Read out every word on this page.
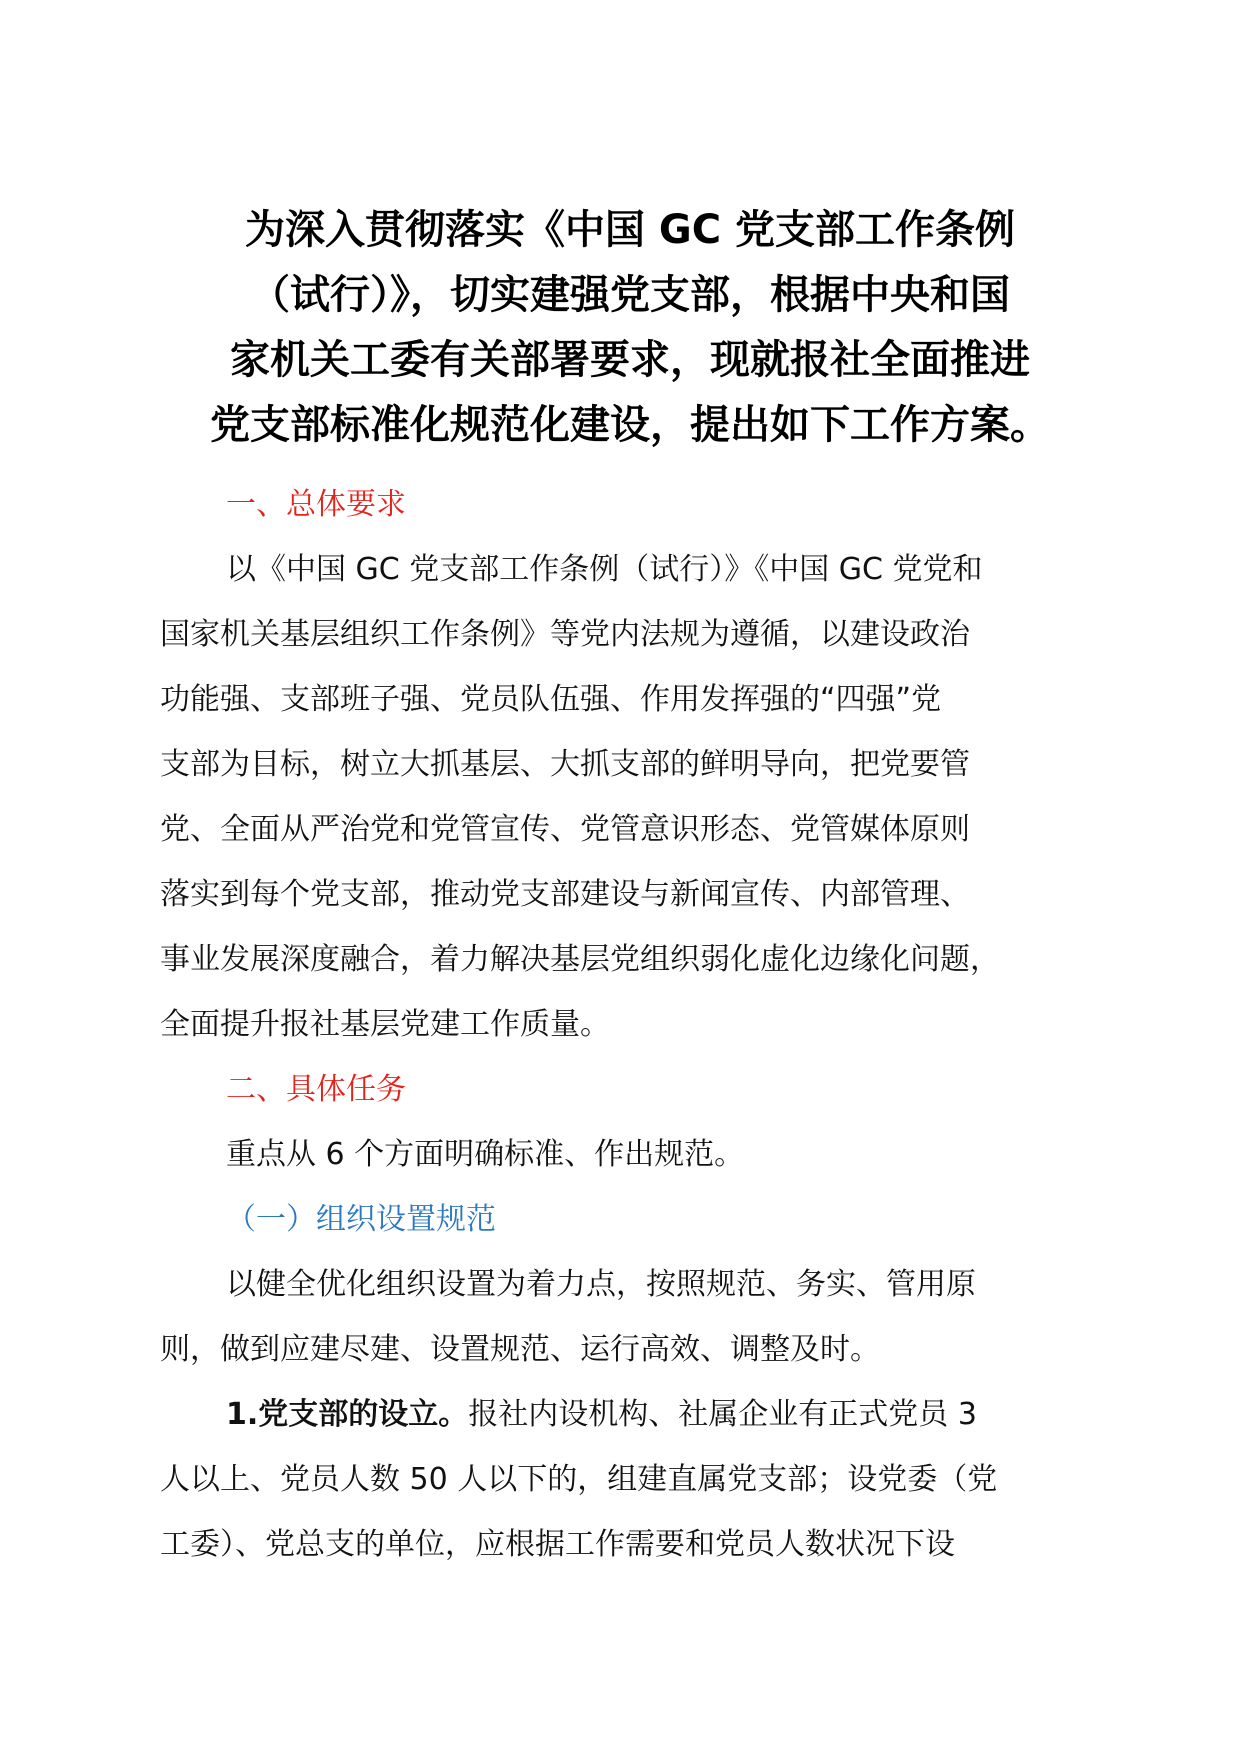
为深入贯彻落实《中国 GC 党支部工作条例
（试行）》，切实建强党支部，根据中央和国
家机关工委有关部署要求，现就报社全面推进
党支部标准化规范化建设，提出如下工作方案。

一、总体要求

以《中国 GC 党支部工作条例（试行）》《中国 GC 党党和
国家机关基层组织工作条例》等党内法规为遵循，以建设政治
功能强、支部班子强、党员队伍强、作用发挥强的“四强”党
支部为目标，树立大抓基层、大抓支部的鲜明导向，把党要管
党、全面从严治党和党管宣传、党管意识形态、党管媒体原则
落实到每个党支部，推动党支部建设与新闻宣传、内部管理、
事业发展深度融合，着力解决基层党组织弱化虚化边缘化问题，
全面提升报社基层党建工作质量。

二、具体任务

重点从 6 个方面明确标准、作出规范。

（一）组织设置规范

以健全优化组织设置为着力点，按照规范、务实、管用原
则，做到应建尽建、设置规范、运行高效、调整及时。

1.党支部的设立。报社内设机构、社属企业有正式党员 3
人以上、党员人数 50 人以下的，组建直属党支部；设党委（党
工委）、党总支的单位，应根据工作需要和党员人数状况下设
